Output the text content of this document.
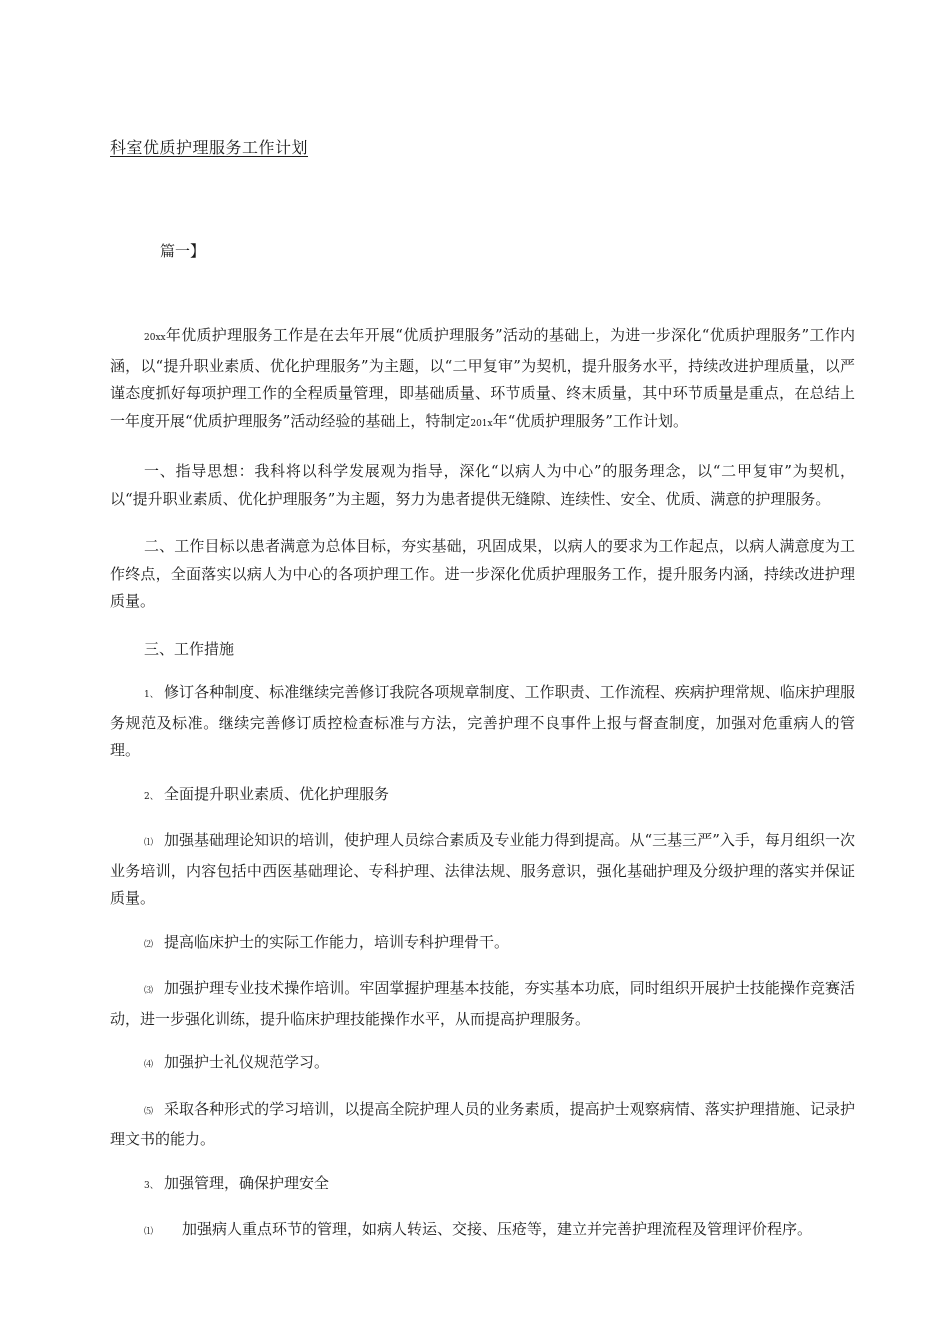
科室优质护理服务工作计划
篇一】

20xx年优质护理服务工作是在去年开展“优质护理服务”活动的基础上，为进一步深化“优质护理服务”工作内涵，以“提升职业素质、优化护理服务”为主题，以“二甲复审”为契机，提升服务水平，持续改进护理质量，以严谨态度抓好每项护理工作的全程质量管理，即基础质量、环节质量、终末质量，其中环节质量是重点，在总结上一年度开展“优质护理服务”活动经验的基础上，特制定201x年“优质护理服务”工作计划。

一、指导思想：我科将以科学发展观为指导，深化“以病人为中心”的服务理念，以“二甲复审”为契机，以“提升职业素质、优化护理服务”为主题，努力为患者提供无缝隙、连续性、安全、优质、满意的护理服务。

二、工作目标以患者满意为总体目标，夯实基础，巩固成果，以病人的要求为工作起点，以病人满意度为工作终点，全面落实以病人为中心的各项护理工作。进一步深化优质护理服务工作，提升服务内涵，持续改进护理质量。

三、工作措施

1、 修订各种制度、标准继续完善修订我院各项规章制度、工作职责、工作流程、疾病护理常规、临床护理服务规范及标准。继续完善修订质控检查标准与方法，完善护理不良事件上报与督查制度，加强对危重病人的管理。

2、 全面提升职业素质、优化护理服务

⑴ 加强基础理论知识的培训，使护理人员综合素质及专业能力得到提高。从“三基三严”入手，每月组织一次业务培训，内容包括中西医基础理论、专科护理、法律法规、服务意识，强化基础护理及分级护理的落实并保证质量。

⑵ 提高临床护士的实际工作能力，培训专科护理骨干。

⑶ 加强护理专业技术操作培训。牢固掌握护理基本技能，夯实基本功底，同时组织开展护士技能操作竞赛活动，进一步强化训练，提升临床护理技能操作水平，从而提高护理服务。

⑷ 加强护士礼仪规范学习。

⑸ 采取各种形式的学习培训，以提高全院护理人员的业务素质，提高护士观察病情、落实护理措施、记录护理文书的能力。

3、 加强管理，确保护理安全

⑴ 加强病人重点环节的管理，如病人转运、交接、压疮等，建立并完善护理流程及管理评价程序。
